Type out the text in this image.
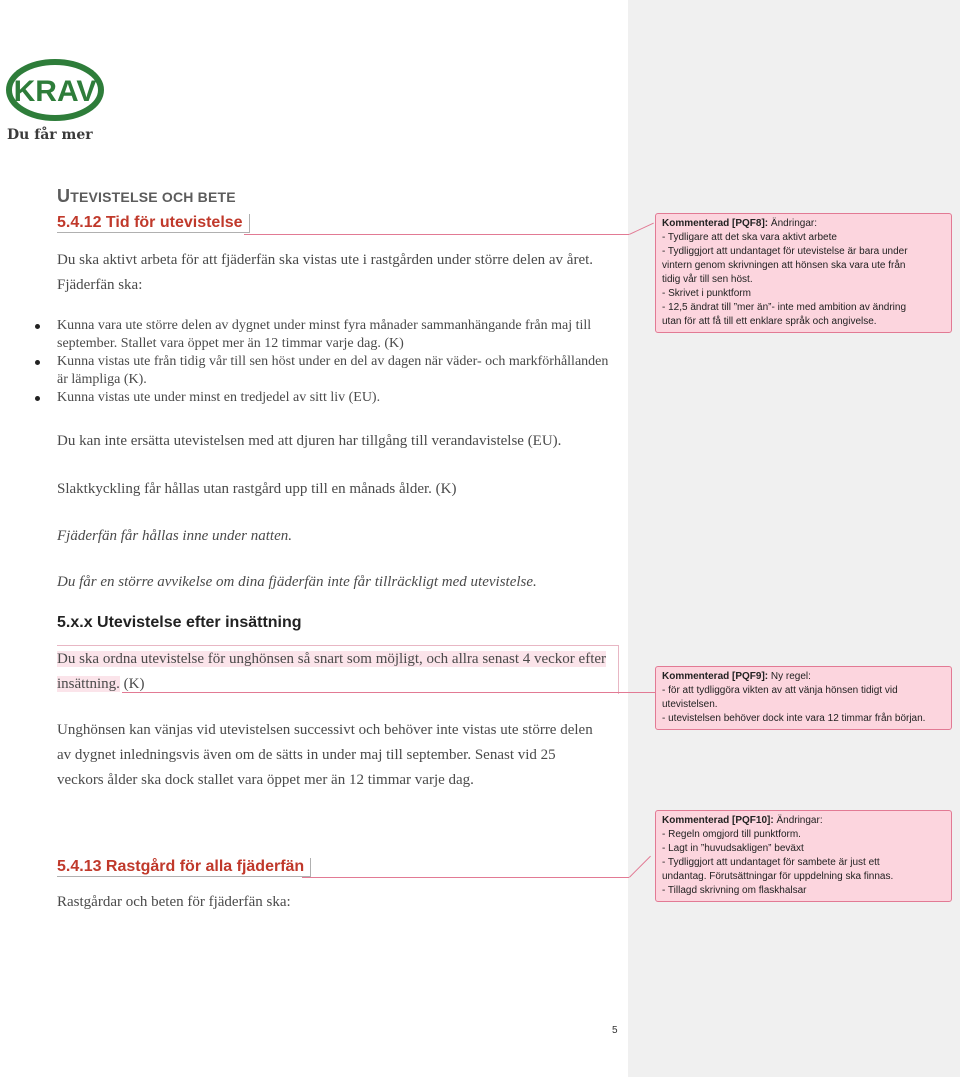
KRAV
Du får mer
UTEVISTELSE OCH BETE
5.4.12 Tid för utevistelse
Du ska aktivt arbeta för att fjäderfän ska vistas ute i rastgården under större delen av året.
Fjäderfän ska:
Kunna vara ute större delen av dygnet under minst fyra månader sammanhängande från maj till
september. Stallet vara öppet mer än 12 timmar varje dag. (K)
Kunna vistas ute från tidig vår till sen höst under en del av dagen när väder- och markförhållanden
är lämpliga (K).
Kunna vistas ute under minst en tredjedel av sitt liv (EU).
Du kan inte ersätta utevistelsen med att djuren har tillgång till verandavistelse (EU).
Slaktkyckling får hållas utan rastgård upp till en månads ålder. (K)
Fjäderfän får hållas inne under natten.
Du får en större avvikelse om dina fjäderfän inte får tillräckligt med utevistelse.
5.x.x Utevistelse efter insättning
Du ska ordna utevistelse för unghönsen så snart som möjligt, och allra senast 4 veckor efter
insättning. (K)
Unghönsen kan vänjas vid utevistelsen successivt och behöver inte vistas ute större delen
av dygnet inledningsvis även om de sätts in under maj till september. Senast vid 25
veckors ålder ska dock stallet vara öppet mer än 12 timmar varje dag.
5.4.13 Rastgård för alla fjäderfän
Rastgårdar och beten för fjäderfän ska:
5
Kommenterad [PQF8]: Ändringar:
- Tydligare att det ska vara aktivt arbete
- Tydliggjort att undantaget för utevistelse är bara under
vintern genom skrivningen att hönsen ska vara ute från
tidig vår till sen höst.
- Skrivet i punktform
- 12,5 ändrat till ”mer än”- inte med ambition av ändring
utan för att få till ett enklare språk och angivelse.
Kommenterad [PQF9]: Ny regel:
- för att tydliggöra vikten av att vänja hönsen tidigt vid
utevistelsen.
- utevistelsen behöver dock inte vara 12 timmar från början.
Kommenterad [PQF10]: Ändringar:
- Regeln omgjord till punktform.
- Lagt in ”huvudsakligen” beväxt
- Tydliggjort att undantaget för sambete är just ett
undantag. Förutsättningar för uppdelning ska finnas.
- Tillagd skrivning om flaskhalsar
